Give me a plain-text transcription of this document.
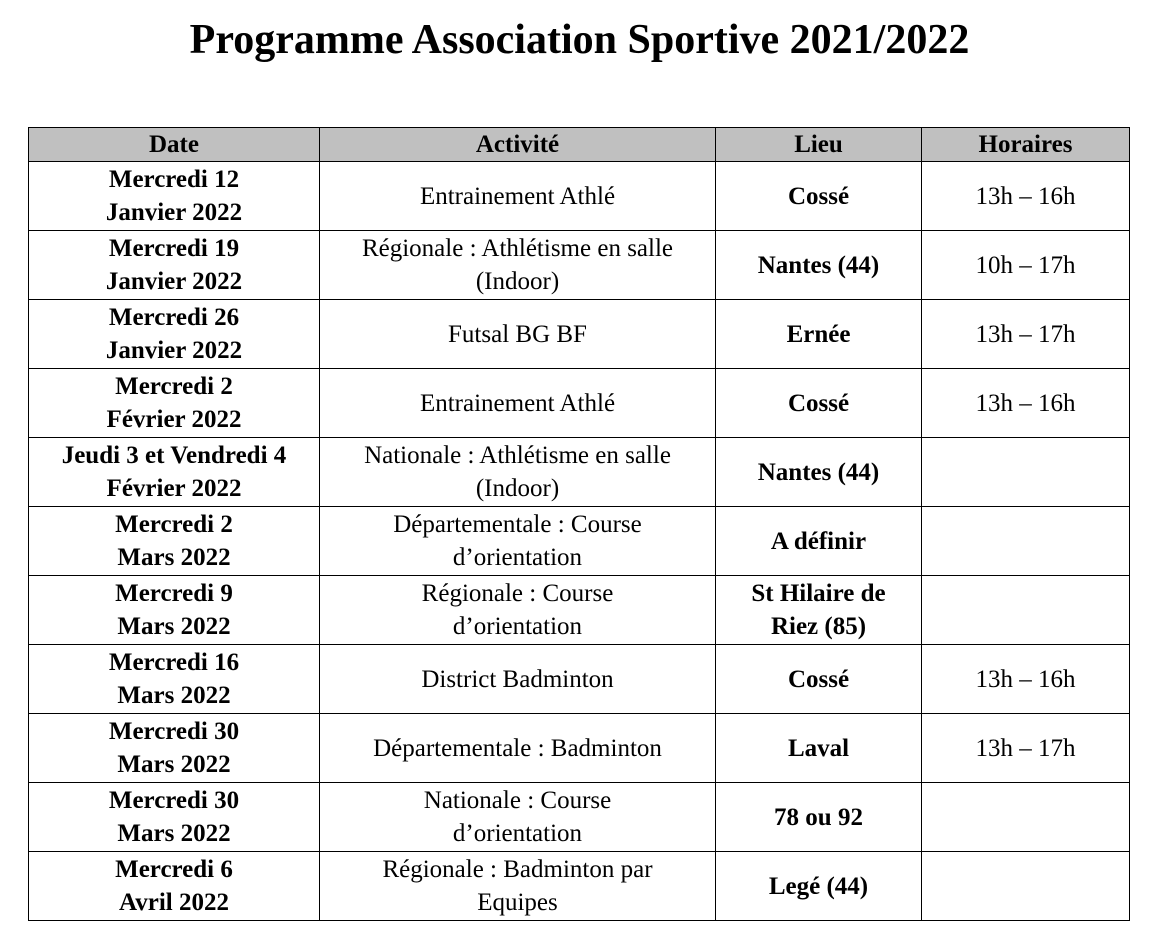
Programme Association Sportive 2021/2022
Date	Activité	Lieu	Horaires

Mercredi 12
Janvier 2022	Entrainement Athlé	Cossé	13h – 16h

Mercredi 19
Janvier 2022	Régionale : Athlétisme en salle
(Indoor)	Nantes (44)	10h – 17h

Mercredi 26
Janvier 2022	Futsal BG BF	Ernée	13h – 17h

Mercredi 2
Février 2022	Entrainement Athlé	Cossé	13h – 16h

Jeudi 3 et Vendredi 4
Février 2022	Nationale : Athlétisme en salle
(Indoor)	Nantes (44)	

Mercredi 2
Mars 2022	Départementale : Course
d’orientation	A définir	

Mercredi 9
Mars 2022	Régionale : Course
d’orientation	St Hilaire de
Riez (85)	

Mercredi 16
Mars 2022	District Badminton	Cossé	13h – 16h

Mercredi 30
Mars 2022	Départementale : Badminton	Laval	13h – 17h

Mercredi 30
Mars 2022	Nationale : Course
d’orientation	78 ou 92	

Mercredi 6
Avril 2022	Régionale : Badminton par
Equipes	Legé (44)	
